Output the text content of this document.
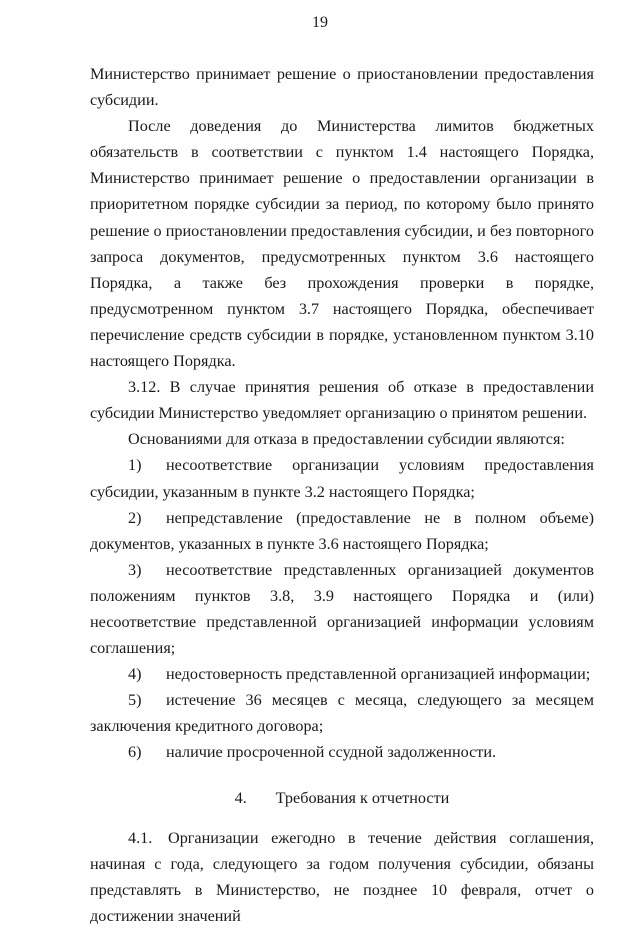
19

Министерство принимает решение о приостановлении предоставления субсидии.

После доведения до Министерства лимитов бюджетных обязательств в соответствии с пунктом 1.4 настоящего Порядка, Министерство принимает решение о предоставлении организации в приоритетном порядке субсидии за период, по которому было принято решение о приостановлении предоставления субсидии, и без повторного запроса документов, предусмотренных пунктом 3.6 настоящего Порядка, а также без прохождения проверки в порядке, предусмотренном пунктом 3.7 настоящего Порядка, обеспечивает перечисление средств субсидии в порядке, установленном пунктом 3.10 настоящего Порядка.

3.12. В случае принятия решения об отказе в предоставлении субсидии Министерство уведомляет организацию о принятом решении.

Основаниями для отказа в предоставлении субсидии являются:

1) несоответствие организации условиям предоставления субсидии, указанным в пункте 3.2 настоящего Порядка;

2) непредставление (предоставление не в полном объеме) документов, указанных в пункте 3.6 настоящего Порядка;

3) несоответствие представленных организацией документов положениям пунктов 3.8, 3.9 настоящего Порядка и (или) несоответствие представленной организацией информации условиям соглашения;

4) недостоверность представленной организацией информации;

5) истечение 36 месяцев с месяца, следующего за месяцем заключения кредитного договора;

6) наличие просроченной ссудной задолженности.

4. Требования к отчетности

4.1. Организации ежегодно в течение действия соглашения, начиная с года, следующего за годом получения субсидии, обязаны представлять в Министерство, не позднее 10 февраля, отчет о достижении значений
